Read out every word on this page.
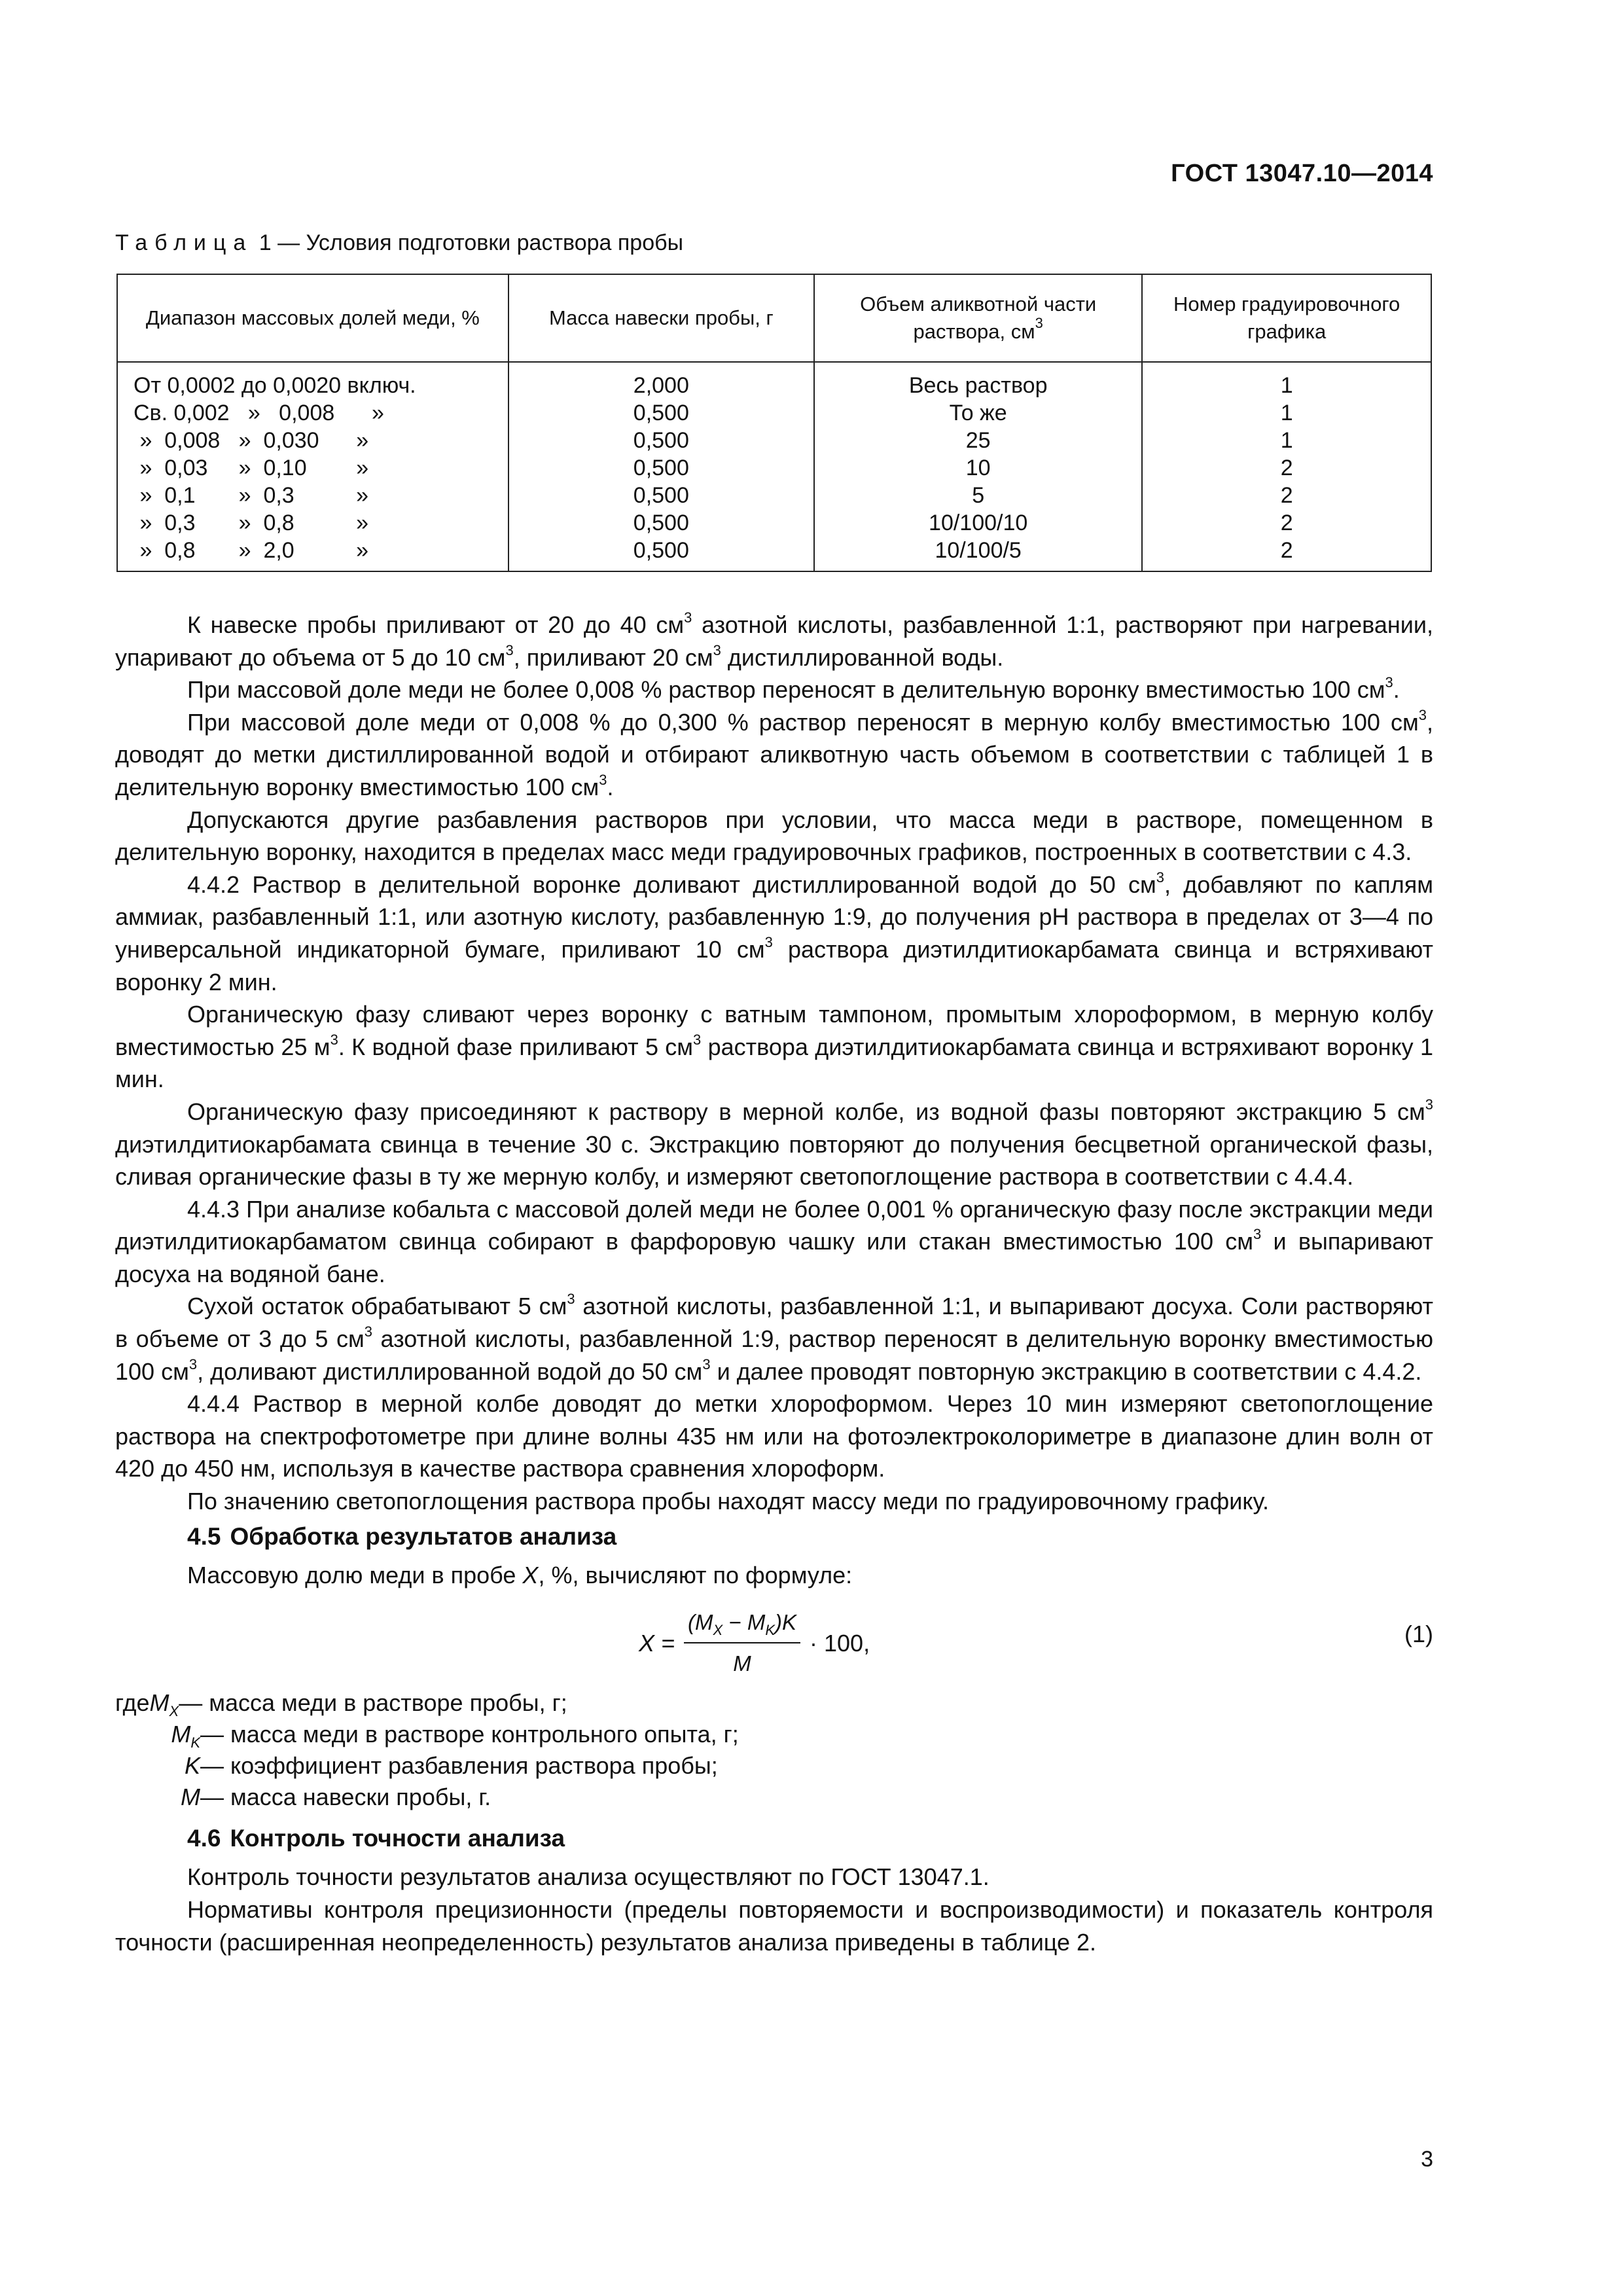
ГОСТ 13047.10—2014
Таблица 1 — Условия подготовки раствора пробы
Диапазон массовых долей меди, %	Масса навески пробы, г	Объем аликвотной части раствора, $см^3$	Номер градуировочного графика
От 0,0002 до 0,0020 включ.	2,000	Весь раствор	1
Св. 0,002   »   0,008      »	0,500	То же	1
»  0,008   »  0,030      »	0,500	25	1
»  0,03     »  0,10        »	0,500	10	2
»  0,1       »  0,3          »	0,500	5	2
»  0,3       »  0,8          »	0,500	10/100/10	2
»  0,8       »  2,0          »	0,500	10/100/5	2

К навеске пробы приливают от 20 до 40 $см^3$ азотной кислоты, разбавленной 1:1, растворяют при нагревании, упаривают до объема от 5 до 10 $см^3$, приливают 20 $см^3$ дистиллированной воды.

При массовой доле меди не более 0,008 % раствор переносят в делительную воронку вместимостью 100 $см^3$.

При массовой доле меди от 0,008 % до 0,300 % раствор переносят в мерную колбу вместимостью 100 $см^3$, доводят до метки дистиллированной водой и отбирают аликвотную часть объемом в соответствии с таблицей 1 в делительную воронку вместимостью 100 $см^3$.

Допускаются другие разбавления растворов при условии, что масса меди в растворе, помещенном в делительную воронку, находится в пределах масс меди градуировочных графиков, построенных в соответствии с 4.3.

4.4.2 Раствор в делительной воронке доливают дистиллированной водой до 50 $см^3$, добавляют по каплям аммиак, разбавленный 1:1, или азотную кислоту, разбавленную 1:9, до получения pH раствора в пределах от 3—4 по универсальной индикаторной бумаге, приливают 10 $см^3$ раствора диэтилдитиокарбамата свинца и встряхивают воронку 2 мин.

Органическую фазу сливают через воронку с ватным тампоном, промытым хлороформом, в мерную колбу вместимостью 25 $м^3$. К водной фазе приливают 5 $см^3$ раствора диэтилдитиокарбамата свинца и встряхивают воронку 1 мин.

Органическую фазу присоединяют к раствору в мерной колбе, из водной фазы повторяют экстракцию 5 $см^3$ диэтилдитиокарбамата свинца в течение 30 с. Экстракцию повторяют до получения бесцветной органической фазы, сливая органические фазы в ту же мерную колбу, и измеряют светопоглощение раствора в соответствии с 4.4.4.

4.4.3 При анализе кобальта с массовой долей меди не более 0,001 % органическую фазу после экстракции меди диэтилдитиокарбаматом свинца собирают в фарфоровую чашку или стакан вместимостью 100 $см^3$ и выпаривают досуха на водяной бане.

Сухой остаток обрабатывают 5 $см^3$ азотной кислоты, разбавленной 1:1, и выпаривают досуха. Соли растворяют в объеме от 3 до 5 $см^3$ азотной кислоты, разбавленной 1:9, раствор переносят в делительную воронку вместимостью 100 $см^3$, доливают дистиллированной водой до 50 $см^3$ и далее проводят повторную экстракцию в соответствии с 4.4.2.

4.4.4 Раствор в мерной колбе доводят до метки хлороформом. Через 10 мин измеряют светопоглощение раствора на спектрофотометре при длине волны 435 нм или на фотоэлектроколориметре в диапазоне длин волн от 420 до 450 нм, используя в качестве раствора сравнения хлороформ.

По значению светопоглощения раствора пробы находят массу меди по градуировочному графику.

4.5 Обработка результатов анализа

Массовую долю меди в пробе X, %, вычисляют по формуле:

$X = \frac{(M_X - M_K)K}{M} \cdot 100$,	(1)
где $M_X$ — масса меди в растворе пробы, г;
$M_K$ — масса меди в растворе контрольного опыта, г;
K — коэффициент разбавления раствора пробы;
M — масса навески пробы, г.
4.6 Контроль точности анализа

Контроль точности результатов анализа осуществляют по ГОСТ 13047.1.

Нормативы контроля прецизионности (пределы повторяемости и воспроизводимости) и показатель контроля точности (расширенная неопределенность) результатов анализа приведены в таблице 2.

3
